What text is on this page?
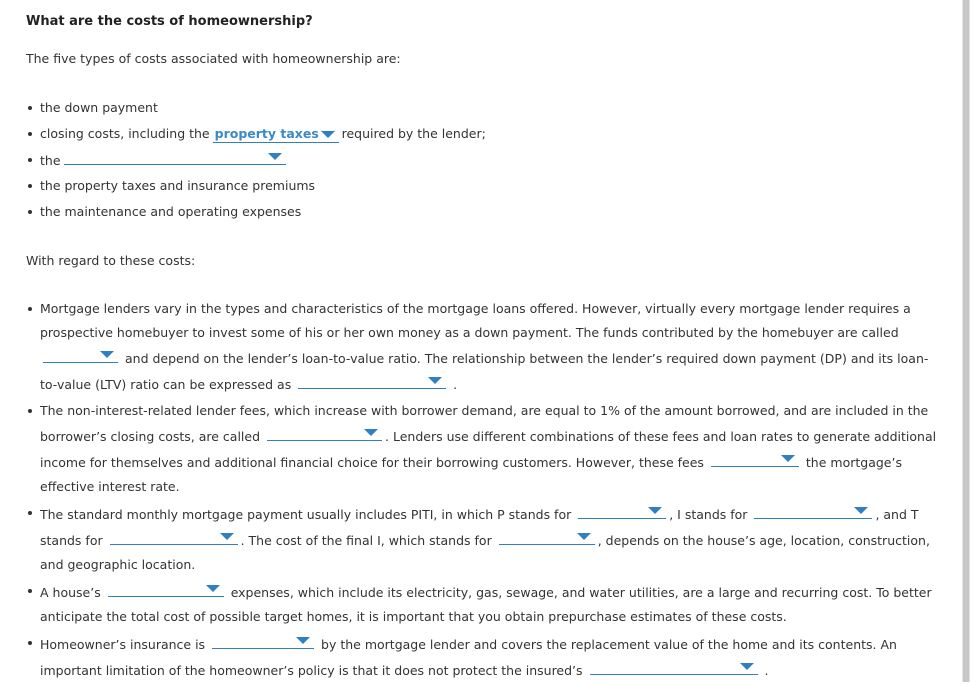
What are the costs of homeownership?
The five types of costs associated with homeownership are:
the down payment
closing costs, including the property taxes required by the lender;
the
the property taxes and insurance premiums
the maintenance and operating expenses
With regard to these costs:
Mortgage lenders vary in the types and characteristics of the mortgage loans offered. However, virtually every mortgage lender requires a prospective homebuyer to invest some of his or her own money as a down payment. The funds contributed by the homebuyer are called
and depend on the lender’s loan-to-value ratio. The relationship between the lender’s required down payment (DP) and its loan-to-value (LTV) ratio can be expressed as	.
The non-interest-related lender fees, which increase with borrower demand, are equal to 1% of the amount borrowed, and are included in the borrower’s closing costs, are called	. Lenders use different combinations of these fees and loan rates to generate additional income for themselves and additional financial choice for their borrowing customers. However, these fees	the mortgage’s effective interest rate.
The standard monthly mortgage payment usually includes PITI, in which P stands for	, I stands for	, and T stands for	. The cost of the final I, which stands for	, depends on the house’s age, location, construction, and geographic location.
A house’s	expenses, which include its electricity, gas, sewage, and water utilities, are a large and recurring cost. To better anticipate the total cost of possible target homes, it is important that you obtain prepurchase estimates of these costs.
Homeowner’s insurance is	by the mortgage lender and covers the replacement value of the home and its contents. An important limitation of the homeowner’s policy is that it does not protect the insured’s	.
